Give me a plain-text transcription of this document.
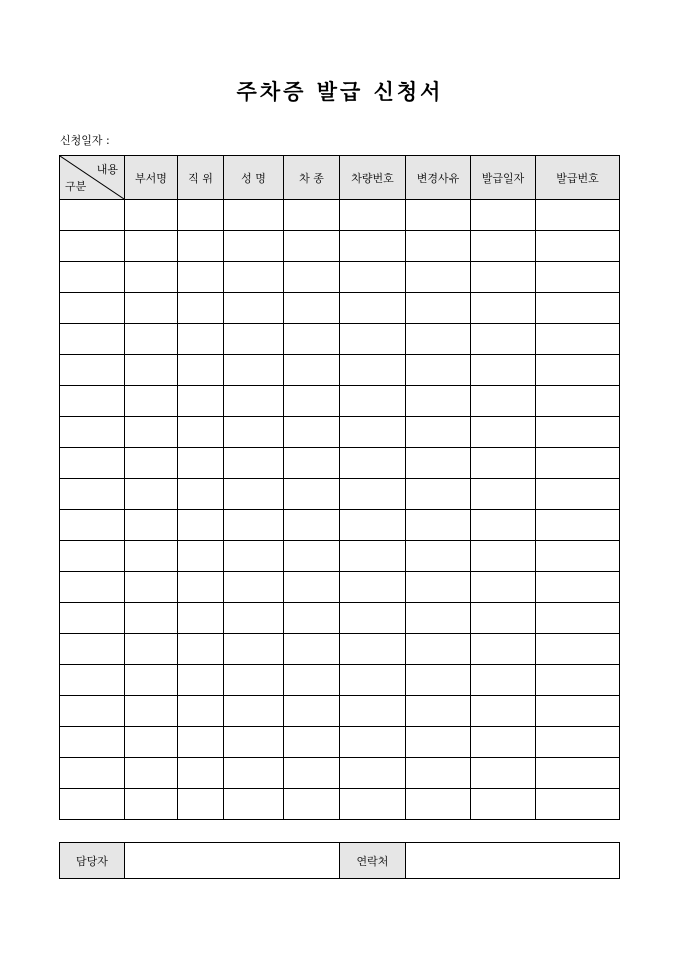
주차증 발급 신청서
신청일자 :
내용
구분	부서명	직 위	성 명	차 종	차량번호	변경사유	발급일자	발급번호

담당자		연락처	
